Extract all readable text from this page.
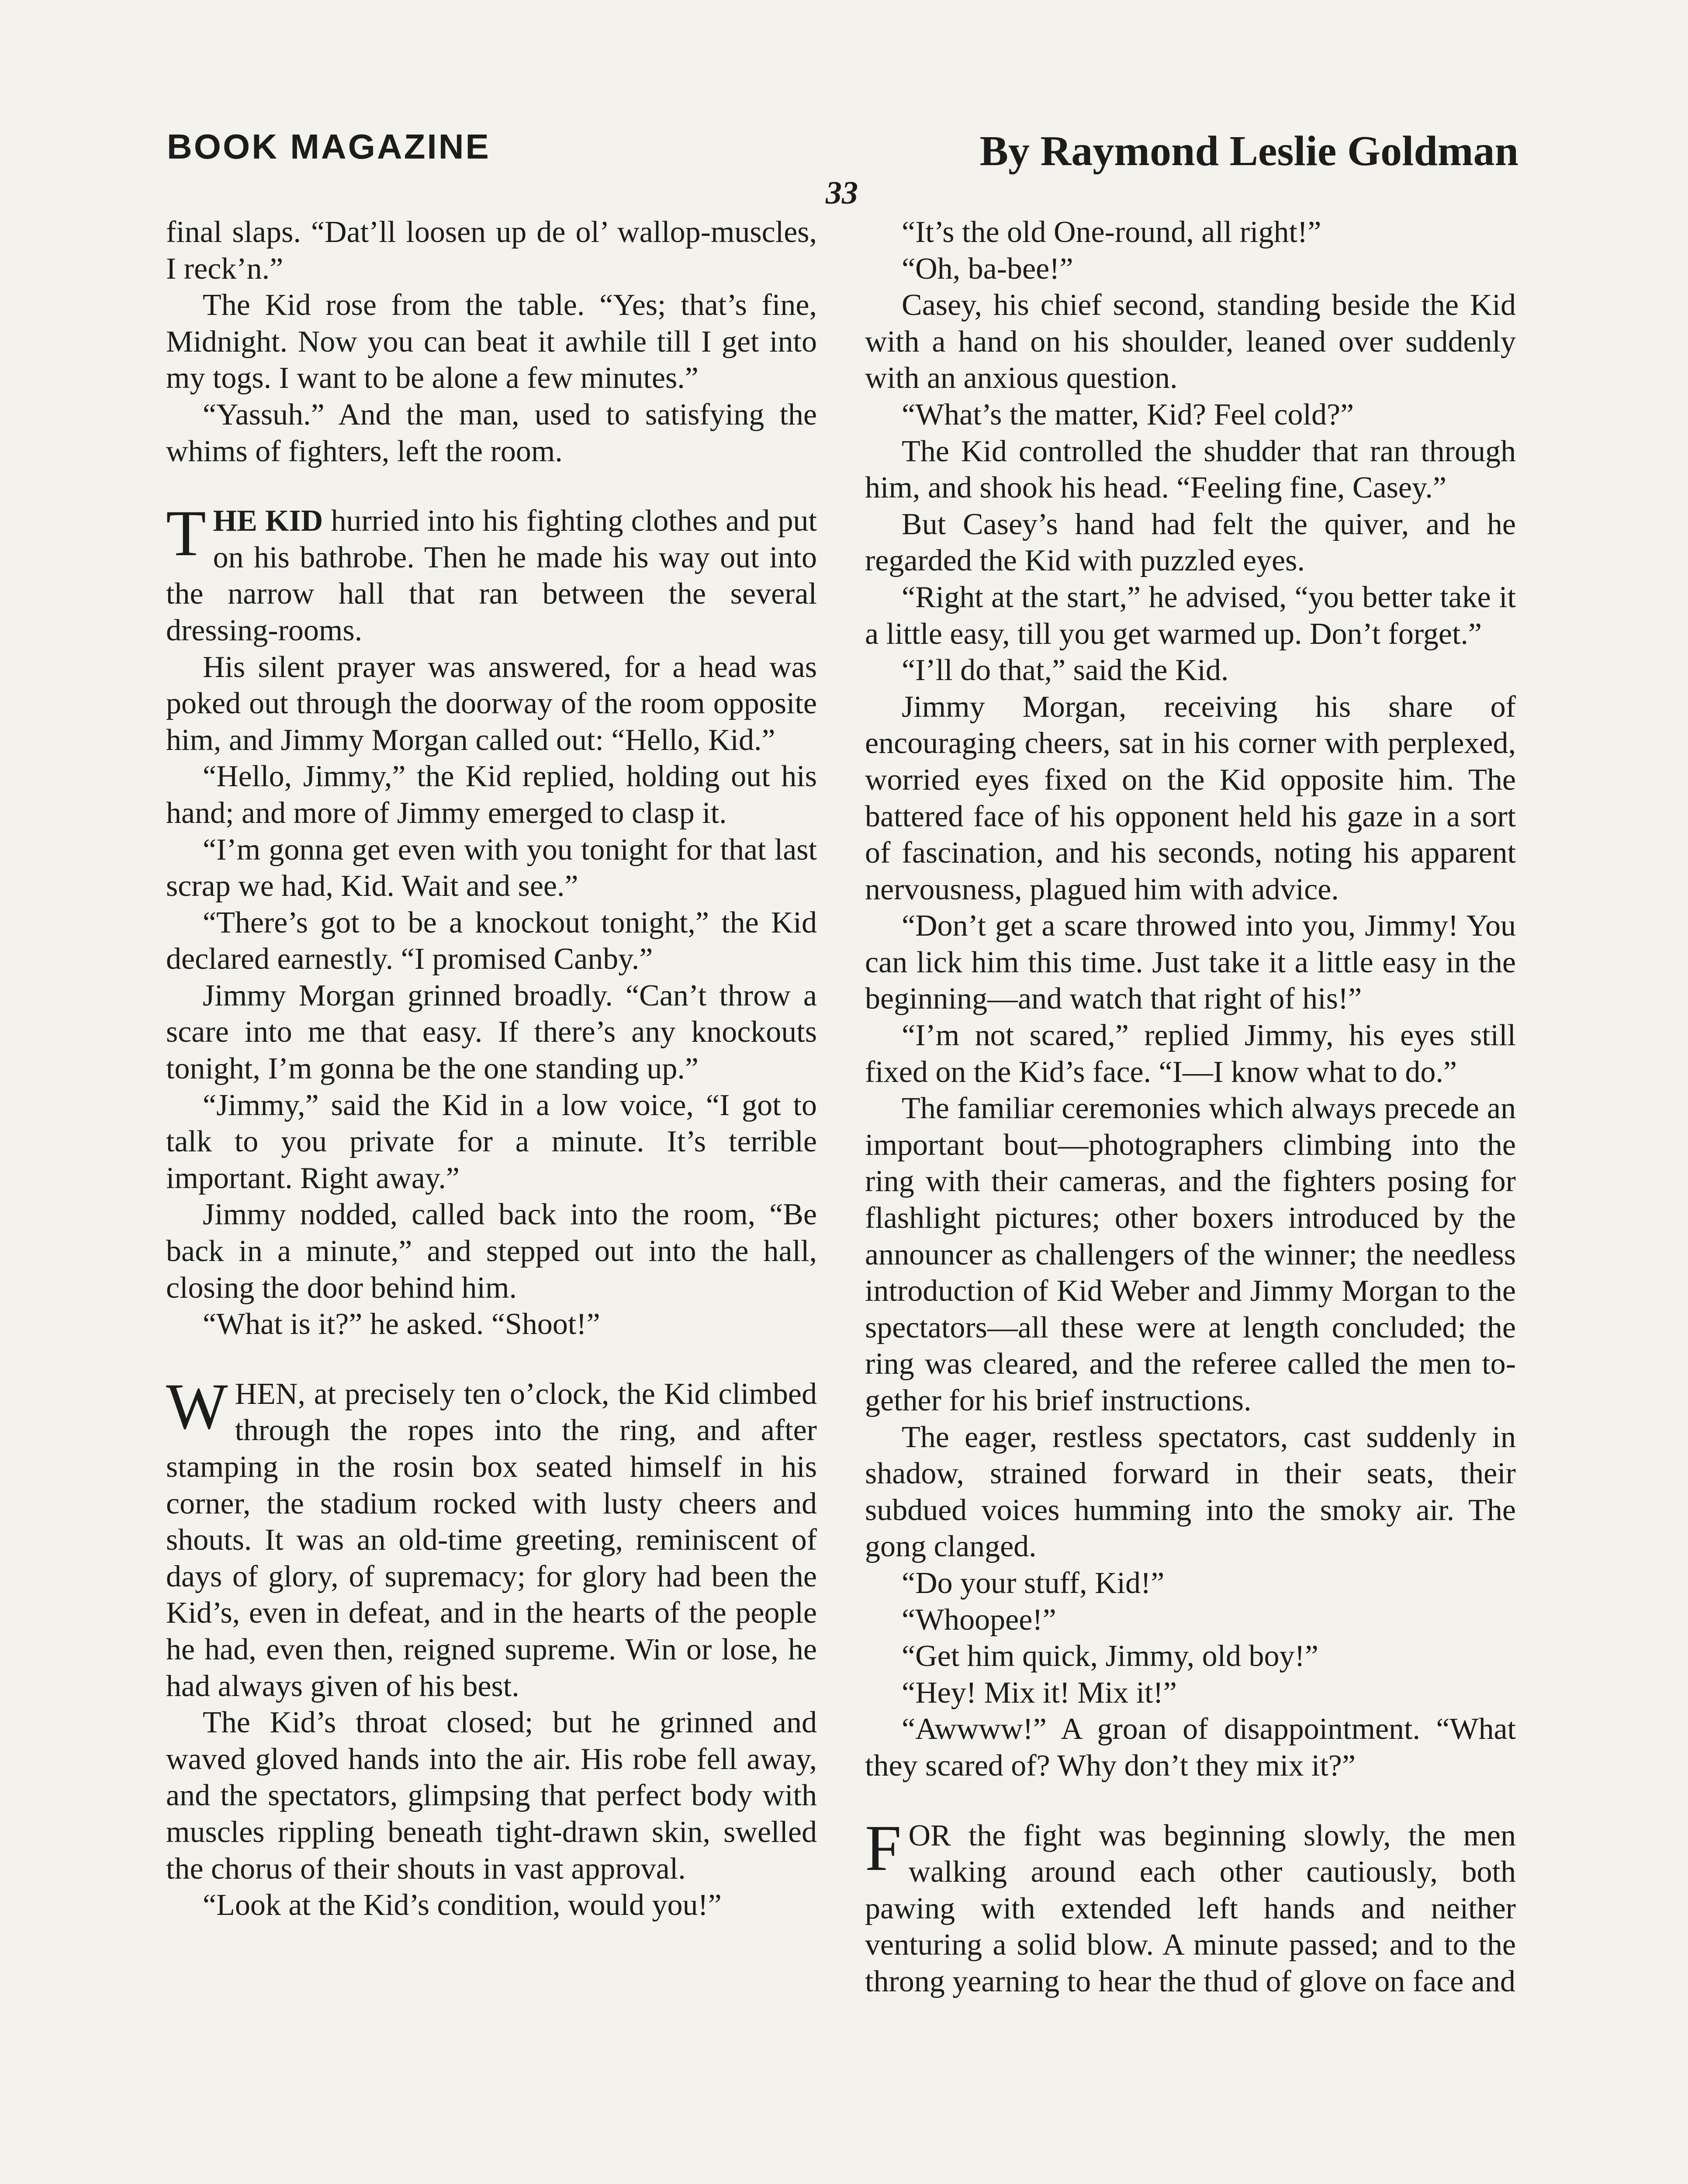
BOOK MAGAZINE	By Raymond Leslie Goldman
33

final slaps. “Dat’ll loosen up de ol’ wallop-muscles, I reck’n.”

The Kid rose from the table. “Yes; that’s fine, Midnight. Now you can beat it awhile till I get into my togs. I want to be alone a few minutes.”

“Yassuh.” And the man, used to satisfying the whims of fighters, left the room.

THE KID hurried into his fighting clothes and put on his bathrobe. Then he made his way out into the narrow hall that ran between the several dressing-rooms.

His silent prayer was answered, for a head was poked out through the doorway of the room opposite him, and Jimmy Morgan called out: “Hello, Kid.”

“Hello, Jimmy,” the Kid replied, holding out his hand; and more of Jimmy emerged to clasp it.

“I’m gonna get even with you tonight for that last scrap we had, Kid. Wait and see.”

“There’s got to be a knockout tonight,” the Kid declared earnestly. “I promised Canby.”

Jimmy Morgan grinned broadly. “Can’t throw a scare into me that easy. If there’s any knockouts tonight, I’m gonna be the one standing up.”

“Jimmy,” said the Kid in a low voice, “I got to talk to you private for a minute. It’s terrible important. Right away.”

Jimmy nodded, called back into the room, “Be back in a minute,” and stepped out into the hall, closing the door behind him.

“What is it?” he asked. “Shoot!”

WHEN, at precisely ten o’clock, the Kid climbed through the ropes into the ring, and after stamping in the rosin box seated himself in his corner, the stadium rocked with lusty cheers and shouts. It was an old-time greeting, reminiscent of days of glory, of supremacy; for glory had been the Kid’s, even in defeat, and in the hearts of the people he had, even then, reigned supreme. Win or lose, he had always given of his best.

The Kid’s throat closed; but he grinned and waved gloved hands into the air. His robe fell away, and the spectators, glimpsing that perfect body with muscles rippling beneath tight-drawn skin, swelled the chorus of their shouts in vast approval.

“Look at the Kid’s condition, would you!”

“It’s the old One-round, all right!”

“Oh, ba-bee!”

Casey, his chief second, standing beside the Kid with a hand on his shoulder, leaned over suddenly with an anxious question.

“What’s the matter, Kid? Feel cold?”

The Kid controlled the shudder that ran through him, and shook his head. “Feeling fine, Casey.”

But Casey’s hand had felt the quiver, and he regarded the Kid with puzzled eyes.

“Right at the start,” he advised, “you better take it a little easy, till you get warmed up. Don’t forget.”

“I’ll do that,” said the Kid.

Jimmy Morgan, receiving his share of encouraging cheers, sat in his corner with perplexed, worried eyes fixed on the Kid opposite him. The battered face of his opponent held his gaze in a sort of fascination, and his seconds, noting his apparent nervousness, plagued him with advice.

“Don’t get a scare throwed into you, Jimmy! You can lick him this time. Just take it a little easy in the beginning—and watch that right of his!”

“I’m not scared,” replied Jimmy, his eyes still fixed on the Kid’s face. “I—I know what to do.”

The familiar ceremonies which always precede an important bout—photographers climbing into the ring with their cameras, and the fighters posing for flashlight pictures; other boxers introduced by the announcer as challengers of the winner; the needless introduction of Kid Weber and Jimmy Morgan to the spectators—all these were at length concluded; the ring was cleared, and the referee called the men together for his brief instructions.

The eager, restless spectators, cast suddenly in shadow, strained forward in their seats, their subdued voices humming into the smoky air. The gong clanged.

“Do your stuff, Kid!”

“Whoopee!”

“Get him quick, Jimmy, old boy!”

“Hey! Mix it! Mix it!”

“Awwww!” A groan of disappointment. “What they scared of? Why don’t they mix it?”

FOR the fight was beginning slowly, the men walking around each other cautiously, both pawing with extended left hands and neither venturing a solid blow. A minute passed; and to the throng yearning to hear the thud of glove on face and
